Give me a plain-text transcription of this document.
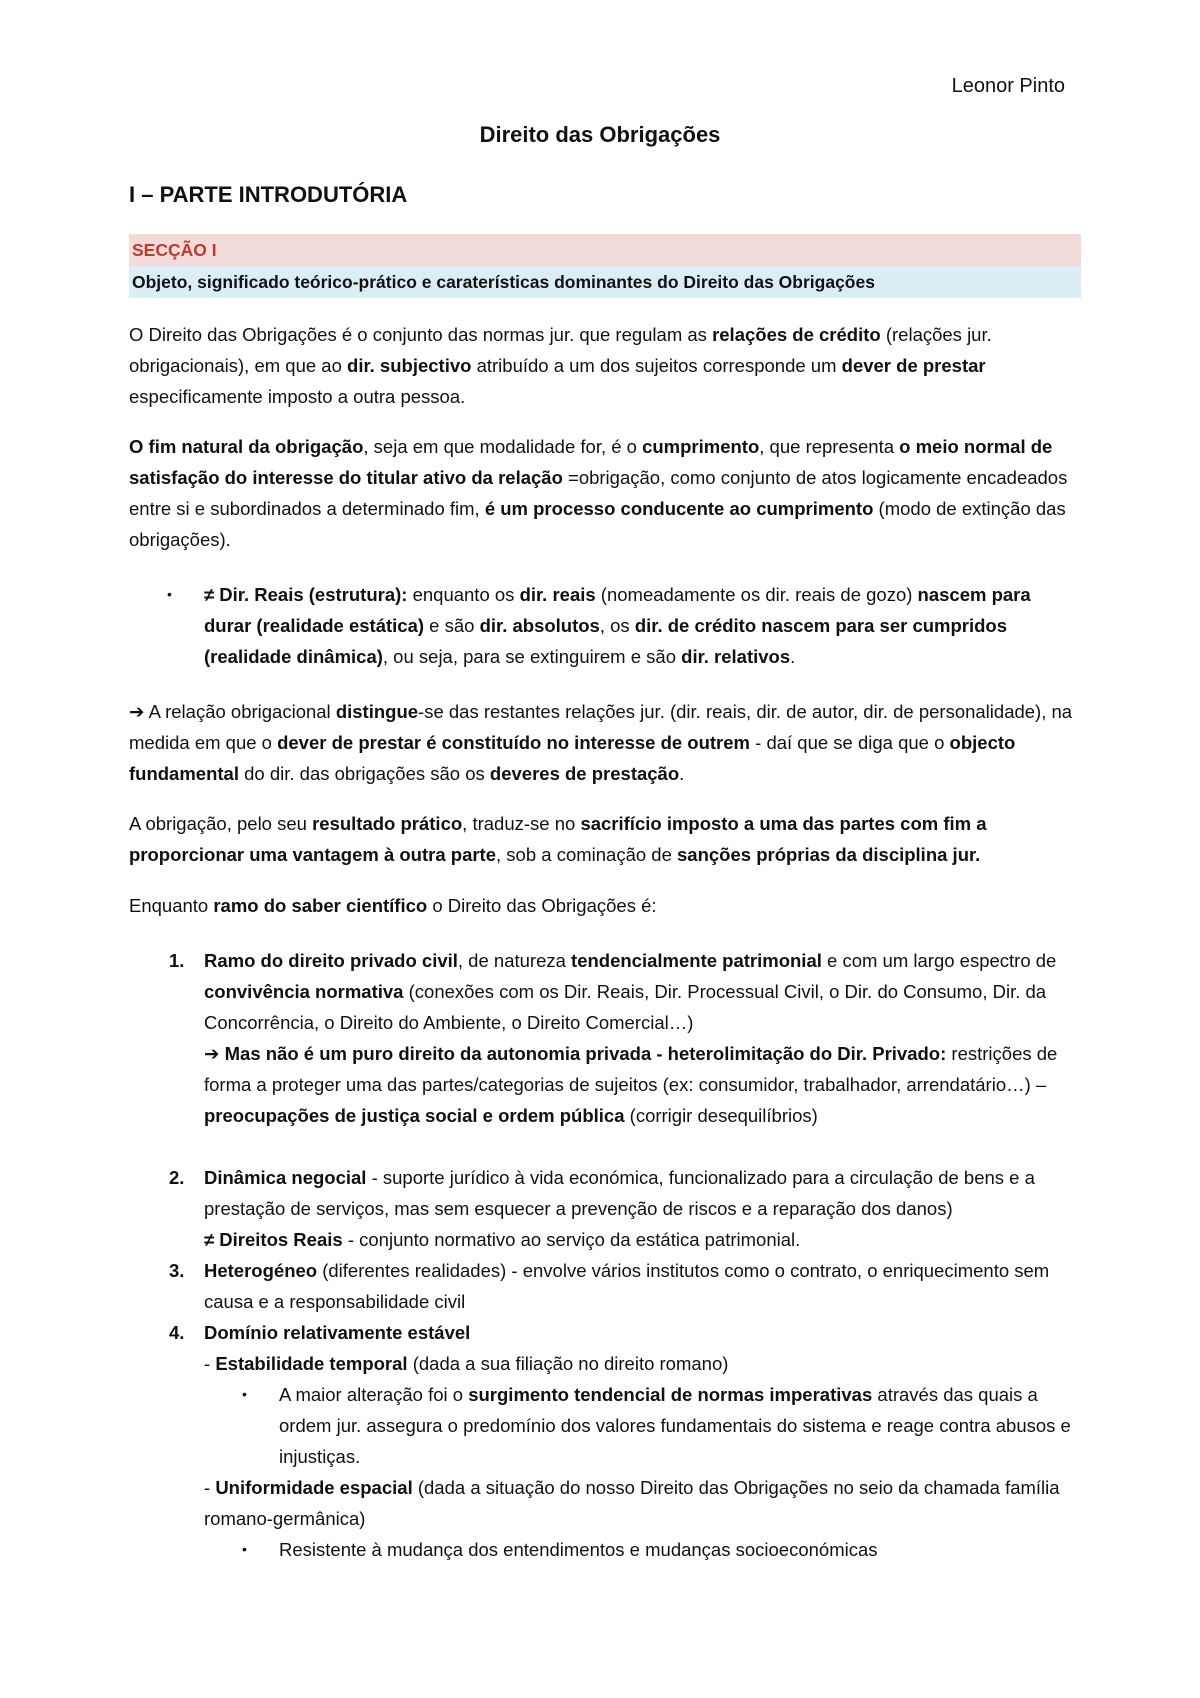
Leonor Pinto
Direito das Obrigações
I – PARTE INTRODUTÓRIA
SECÇÃO I
Objeto, significado teórico-prático e caraterísticas dominantes do Direito das Obrigações

O Direito das Obrigações é o conjunto das normas jur. que regulam as relações de crédito (relações jur. obrigacionais), em que ao dir. subjectivo atribuído a um dos sujeitos corresponde um dever de prestar especificamente imposto a outra pessoa.

O fim natural da obrigação, seja em que modalidade for, é o cumprimento, que representa o meio normal de satisfação do interesse do titular ativo da relação =obrigação, como conjunto de atos logicamente encadeados entre si e subordinados a determinado fim, é um processo conducente ao cumprimento (modo de extinção das obrigações).

• ≠ Dir. Reais (estrutura): enquanto os dir. reais (nomeadamente os dir. reais de gozo) nascem para durar (realidade estática) e são dir. absolutos, os dir. de crédito nascem para ser cumpridos (realidade dinâmica), ou seja, para se extinguirem e são dir. relativos.

➔ A relação obrigacional distingue-se das restantes relações jur. (dir. reais, dir. de autor, dir. de personalidade), na medida em que o dever de prestar é constituído no interesse de outrem - daí que se diga que o objecto fundamental do dir. das obrigações são os deveres de prestação.

A obrigação, pelo seu resultado prático, traduz-se no sacrifício imposto a uma das partes com fim a proporcionar uma vantagem à outra parte, sob a cominação de sanções próprias da disciplina jur.

Enquanto ramo do saber científico o Direito das Obrigações é:

1. Ramo do direito privado civil, de natureza tendencialmente patrimonial e com um largo espectro de convivência normativa (conexões com os Dir. Reais, Dir. Processual Civil, o Dir. do Consumo, Dir. da Concorrência, o Direito do Ambiente, o Direito Comercial…)
➔ Mas não é um puro direito da autonomia privada - heterolimitação do Dir. Privado: restrições de forma a proteger uma das partes/categorias de sujeitos (ex: consumidor, trabalhador, arrendatário…) – preocupações de justiça social e ordem pública (corrigir desequilíbrios)
2. Dinâmica negocial - suporte jurídico à vida económica, funcionalizado para a circulação de bens e a prestação de serviços, mas sem esquecer a prevenção de riscos e a reparação dos danos)
≠ Direitos Reais - conjunto normativo ao serviço da estática patrimonial.
3. Heterogéneo (diferentes realidades) - envolve vários institutos como o contrato, o enriquecimento sem causa e a responsabilidade civil
4. Domínio relativamente estável
- Estabilidade temporal (dada a sua filiação no direito romano)

• A maior alteração foi o surgimento tendencial de normas imperativas através das quais a ordem jur. assegura o predomínio dos valores fundamentais do sistema e reage contra abusos e injustiças.

- Uniformidade espacial (dada a situação do nosso Direito das Obrigações no seio da chamada família romano-germânica)

• Resistente à mudança dos entendimentos e mudanças socioeconómicas
